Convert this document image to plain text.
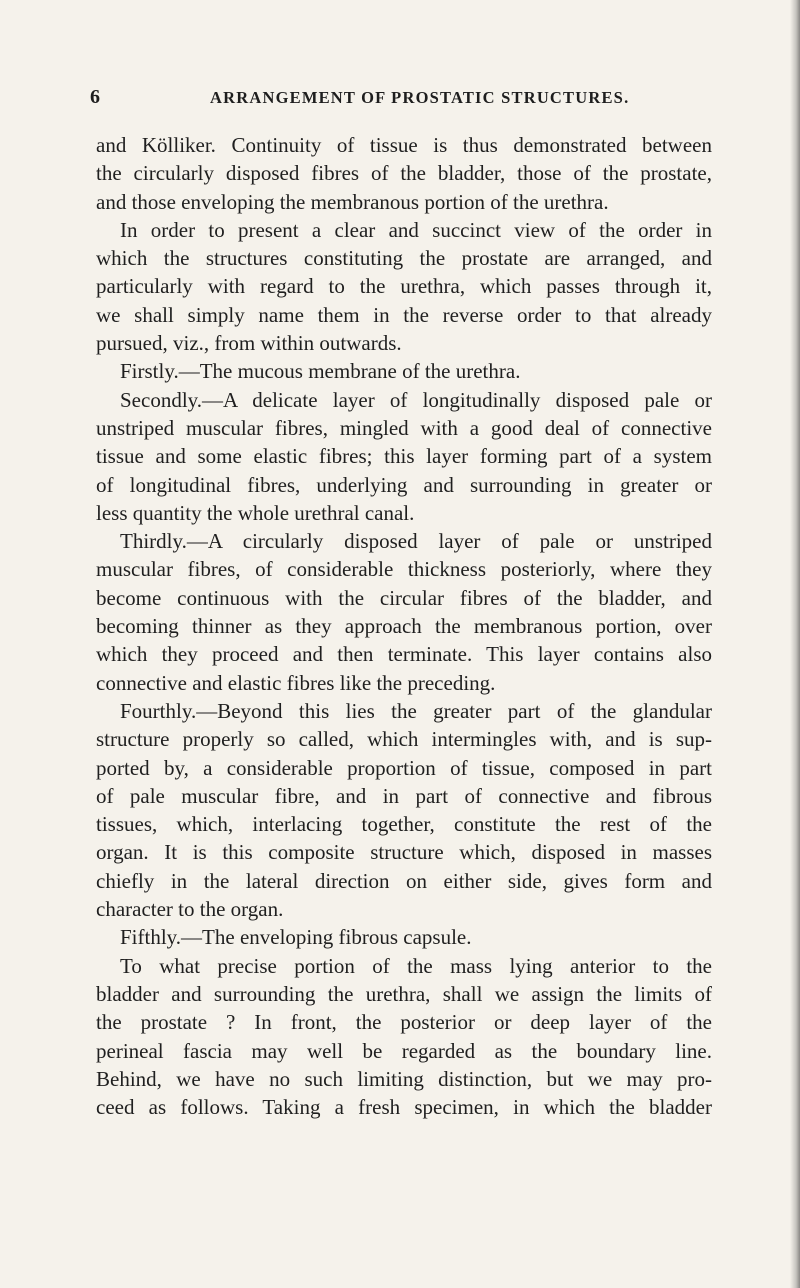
6	ARRANGEMENT OF PROSTATIC STRUCTURES.
and Kölliker. Continuity of tissue is thus demonstrated between
the circularly disposed fibres of the bladder, those of the prostate,
and those enveloping the membranous portion of the urethra.
In order to present a clear and succinct view of the order in
which the structures constituting the prostate are arranged, and
particularly with regard to the urethra, which passes through it,
we shall simply name them in the reverse order to that already
pursued, viz., from within outwards.
Firstly.—The mucous membrane of the urethra.
Secondly.—A delicate layer of longitudinally disposed pale or
unstriped muscular fibres, mingled with a good deal of connective
tissue and some elastic fibres; this layer forming part of a system
of longitudinal fibres, underlying and surrounding in greater or
less quantity the whole urethral canal.
Thirdly.—A circularly disposed layer of pale or unstriped
muscular fibres, of considerable thickness posteriorly, where they
become continuous with the circular fibres of the bladder, and
becoming thinner as they approach the membranous portion, over
which they proceed and then terminate. This layer contains also
connective and elastic fibres like the preceding.
Fourthly.—Beyond this lies the greater part of the glandular
structure properly so called, which intermingles with, and is sup-
ported by, a considerable proportion of tissue, composed in part
of pale muscular fibre, and in part of connective and fibrous
tissues, which, interlacing together, constitute the rest of the
organ. It is this composite structure which, disposed in masses
chiefly in the lateral direction on either side, gives form and
character to the organ.
Fifthly.—The enveloping fibrous capsule.
To what precise portion of the mass lying anterior to the
bladder and surrounding the urethra, shall we assign the limits of
the prostate ? In front, the posterior or deep layer of the
perineal fascia may well be regarded as the boundary line.
Behind, we have no such limiting distinction, but we may pro-
ceed as follows. Taking a fresh specimen, in which the bladder
